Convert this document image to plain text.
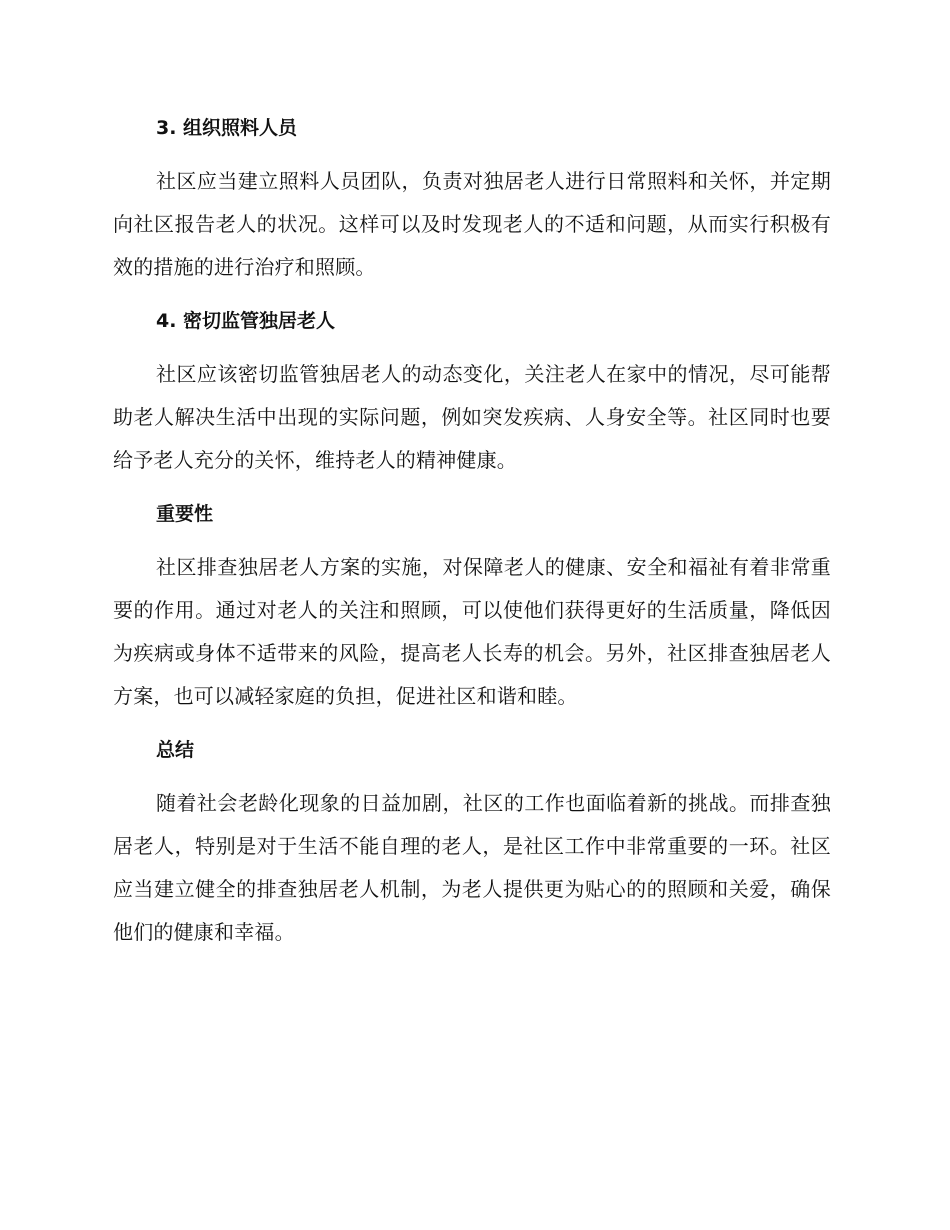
3. 组织照料人员

社区应当建立照料人员团队，负责对独居老人进行日常照料和关怀，并定期向社区报告老人的状况。这样可以及时发现老人的不适和问题，从而实行积极有效的措施的进行治疗和照顾。

4. 密切监管独居老人

社区应该密切监管独居老人的动态变化，关注老人在家中的情况，尽可能帮助老人解决生活中出现的实际问题，例如突发疾病、人身安全等。社区同时也要给予老人充分的关怀，维持老人的精神健康。

重要性

社区排查独居老人方案的实施，对保障老人的健康、安全和福祉有着非常重要的作用。通过对老人的关注和照顾，可以使他们获得更好的生活质量，降低因为疾病或身体不适带来的风险，提高老人长寿的机会。另外，社区排查独居老人方案，也可以减轻家庭的负担，促进社区和谐和睦。

总结

随着社会老龄化现象的日益加剧，社区的工作也面临着新的挑战。而排查独居老人，特别是对于生活不能自理的老人，是社区工作中非常重要的一环。社区应当建立健全的排查独居老人机制，为老人提供更为贴心的的照顾和关爱，确保他们的健康和幸福。
